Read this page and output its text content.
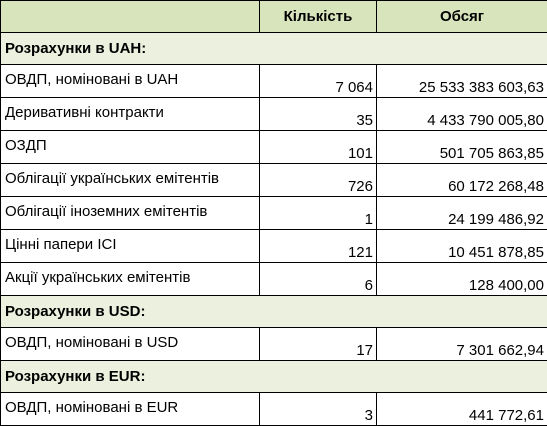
	Кількість	Обсяг
Розрахунки в UAH:		
ОВДП, номіновані в UAH	7 064	25 533 383 603,63
Деривативні контракти	35	4 433 790 005,80
ОЗДП	101	501 705 863,85
Облігації українських емітентів	726	60 172 268,48
Облігації іноземних емітентів	1	24 199 486,92
Цінні папери ІСІ	121	10 451 878,85
Акції українських емітентів	6	128 400,00
Розрахунки в USD:		
ОВДП, номіновані в USD	17	7 301 662,94
Розрахунки в EUR:		
ОВДП, номіновані в EUR	3	441 772,61
